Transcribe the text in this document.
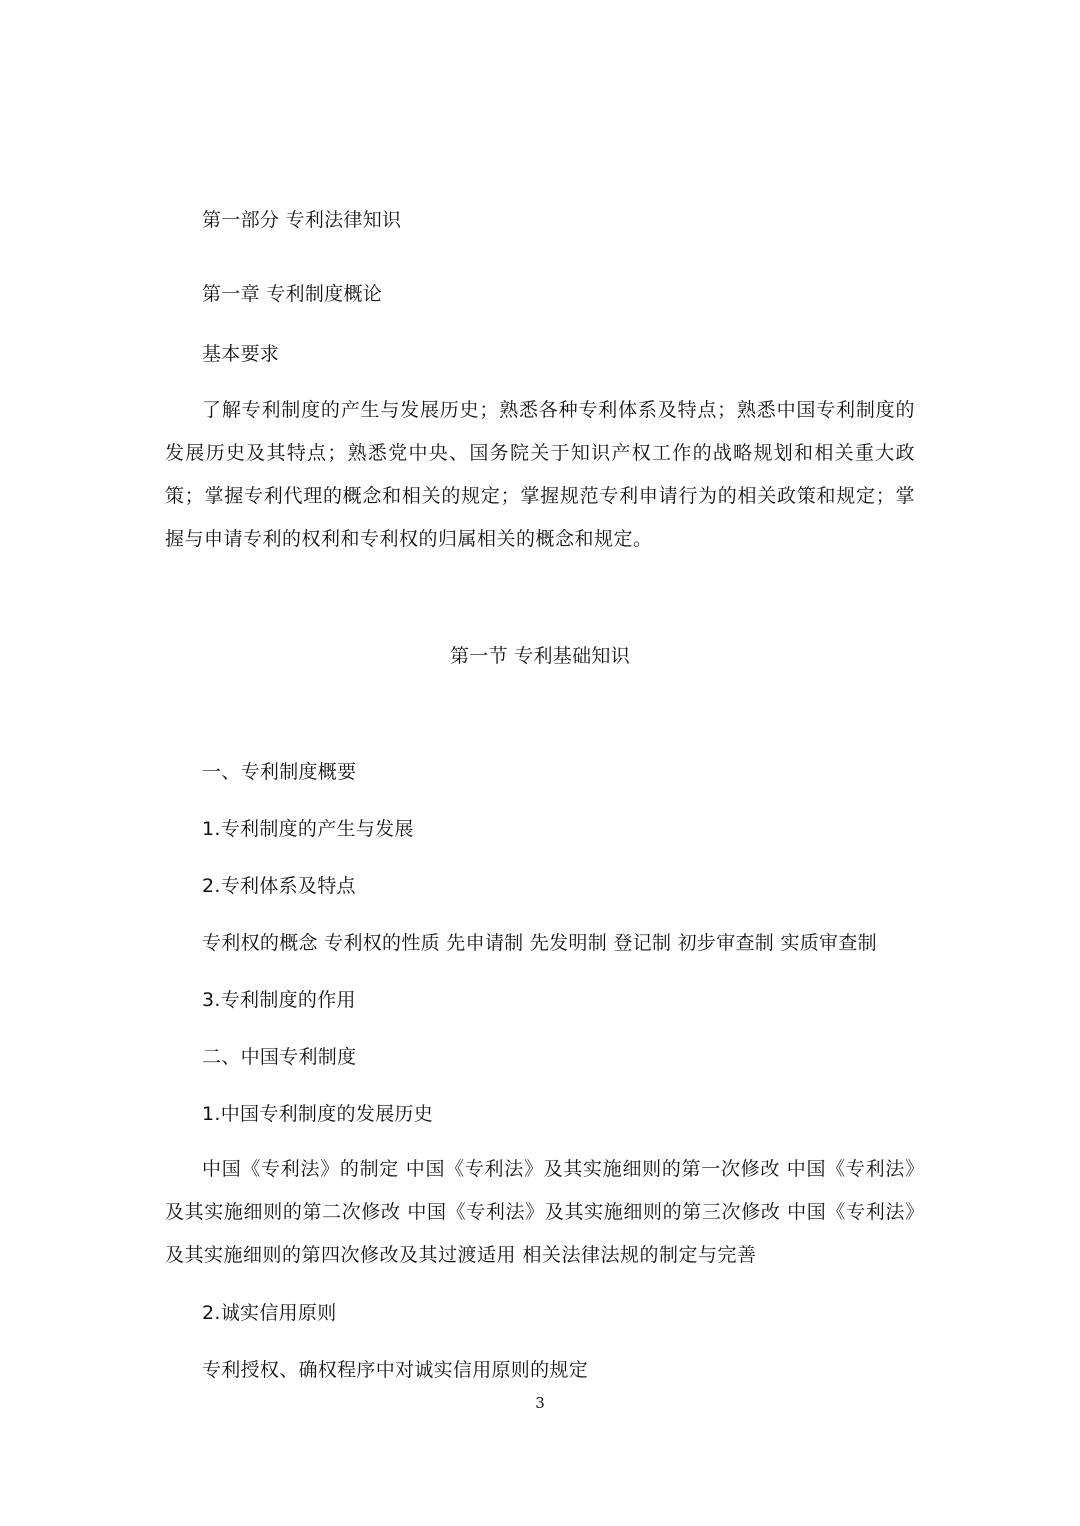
第一部分 专利法律知识
第一章 专利制度概论
基本要求
了解专利制度的产生与发展历史；熟悉各种专利体系及特点；熟悉中国专利制度的发展历史及其特点；熟悉党中央、国务院关于知识产权工作的战略规划和相关重大政策；掌握专利代理的概念和相关的规定；掌握规范专利申请行为的相关政策和规定；掌握与申请专利的权利和专利权的归属相关的概念和规定。
第一节 专利基础知识
一、专利制度概要
1.专利制度的产生与发展
2.专利体系及特点
专利权的概念 专利权的性质 先申请制 先发明制 登记制 初步审查制 实质审查制
3.专利制度的作用
二、中国专利制度
1.中国专利制度的发展历史
中国《专利法》的制定 中国《专利法》及其实施细则的第一次修改 中国《专利法》及其实施细则的第二次修改 中国《专利法》及其实施细则的第三次修改 中国《专利法》及其实施细则的第四次修改及其过渡适用 相关法律法规的制定与完善
2.诚实信用原则
专利授权、确权程序中对诚实信用原则的规定
3
